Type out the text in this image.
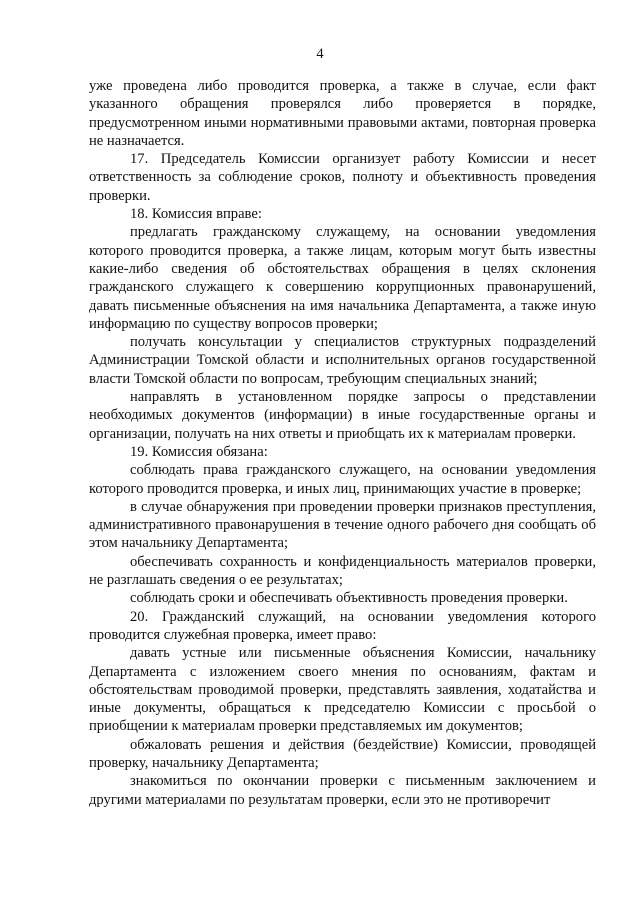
4

уже проведена либо проводится проверка, а также в случае, если факт указанного обращения проверялся либо проверяется в порядке, предусмотренном иными нормативными правовыми актами, повторная проверка не назначается.

17. Председатель Комиссии организует работу Комиссии и несет ответственность за соблюдение сроков, полноту и объективность проведения проверки.

18. Комиссия вправе:

предлагать гражданскому служащему, на основании уведомления которого проводится проверка, а также лицам, которым могут быть известны какие-либо сведения об обстоятельствах обращения в целях склонения гражданского служащего к совершению коррупционных правонарушений, давать письменные объяснения на имя начальника Департамента, а также иную информацию по существу вопросов проверки;

получать консультации у специалистов структурных подразделений Администрации Томской области и исполнительных органов государственной власти Томской области по вопросам, требующим специальных знаний;

направлять в установленном порядке запросы о представлении необходимых документов (информации) в иные государственные органы и организации, получать на них ответы и приобщать их к материалам проверки.

19. Комиссия обязана:

соблюдать права гражданского служащего, на основании уведомления которого проводится проверка, и иных лиц, принимающих участие в проверке;

в случае обнаружения при проведении проверки признаков преступления, административного правонарушения в течение одного рабочего дня сообщать об этом начальнику Департамента;

обеспечивать сохранность и конфиденциальность материалов проверки, не разглашать сведения о ее результатах;

соблюдать сроки и обеспечивать объективность проведения проверки.

20. Гражданский служащий, на основании уведомления которого проводится служебная проверка, имеет право:

давать устные или письменные объяснения Комиссии, начальнику Департамента с изложением своего мнения по основаниям, фактам и обстоятельствам проводимой проверки, представлять заявления, ходатайства и иные документы, обращаться к председателю Комиссии с просьбой о приобщении к материалам проверки представляемых им документов;

обжаловать решения и действия (бездействие) Комиссии, проводящей проверку, начальнику Департамента;

знакомиться по окончании проверки с письменным заключением и другими материалами по результатам проверки, если это не противоречит
